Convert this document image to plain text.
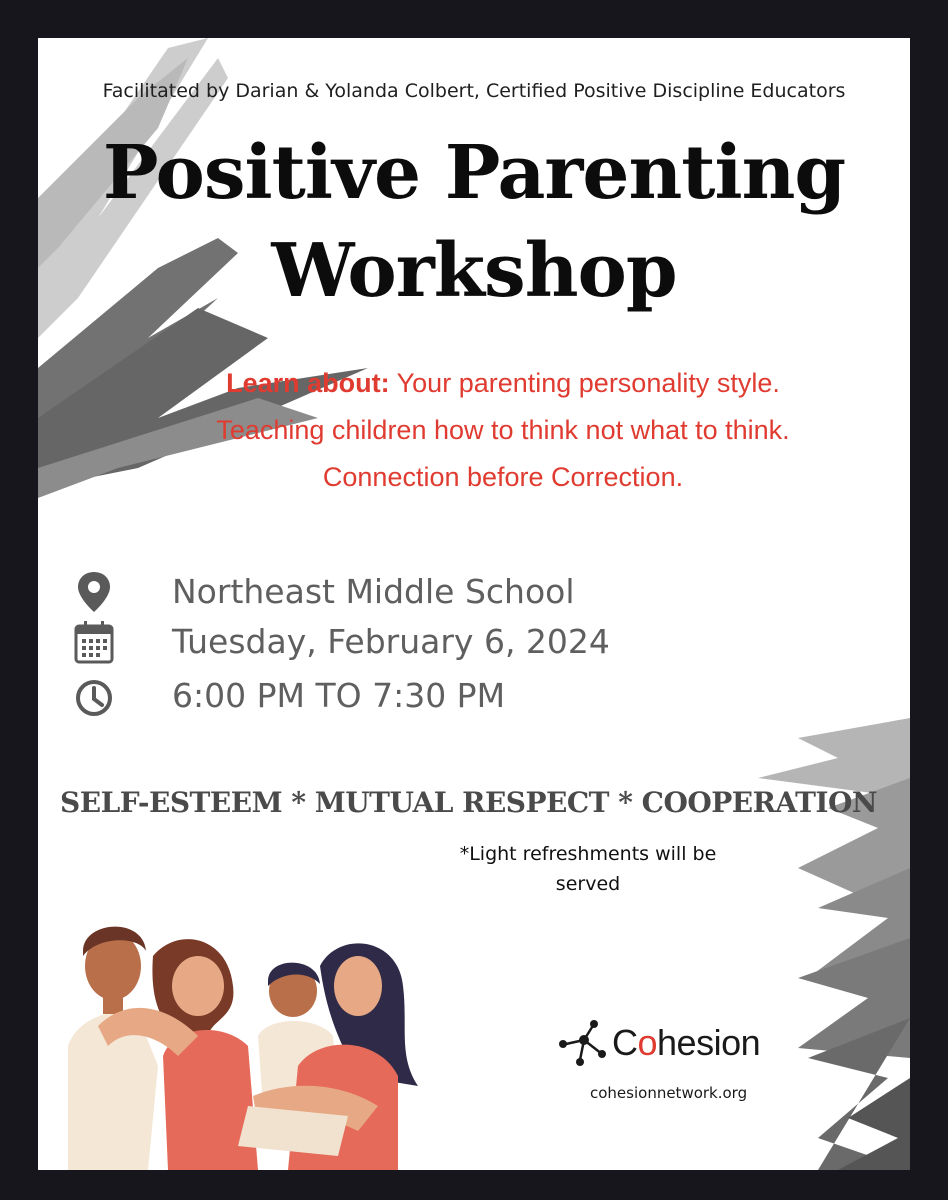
Facilitated by Darian & Yolanda Colbert, Certified Positive Discipline Educators
Positive Parenting
Workshop
Learn about: Your parenting personality style.
Teaching children how to think not what to think.
Connection before Correction.
Northeast Middle School
Tuesday, February 6, 2024
6:00 PM TO 7:30 PM
SELF-ESTEEM * MUTUAL RESPECT * COOPERATION
*Light refreshments will be
served
Cohesion
cohesionnetwork.org
